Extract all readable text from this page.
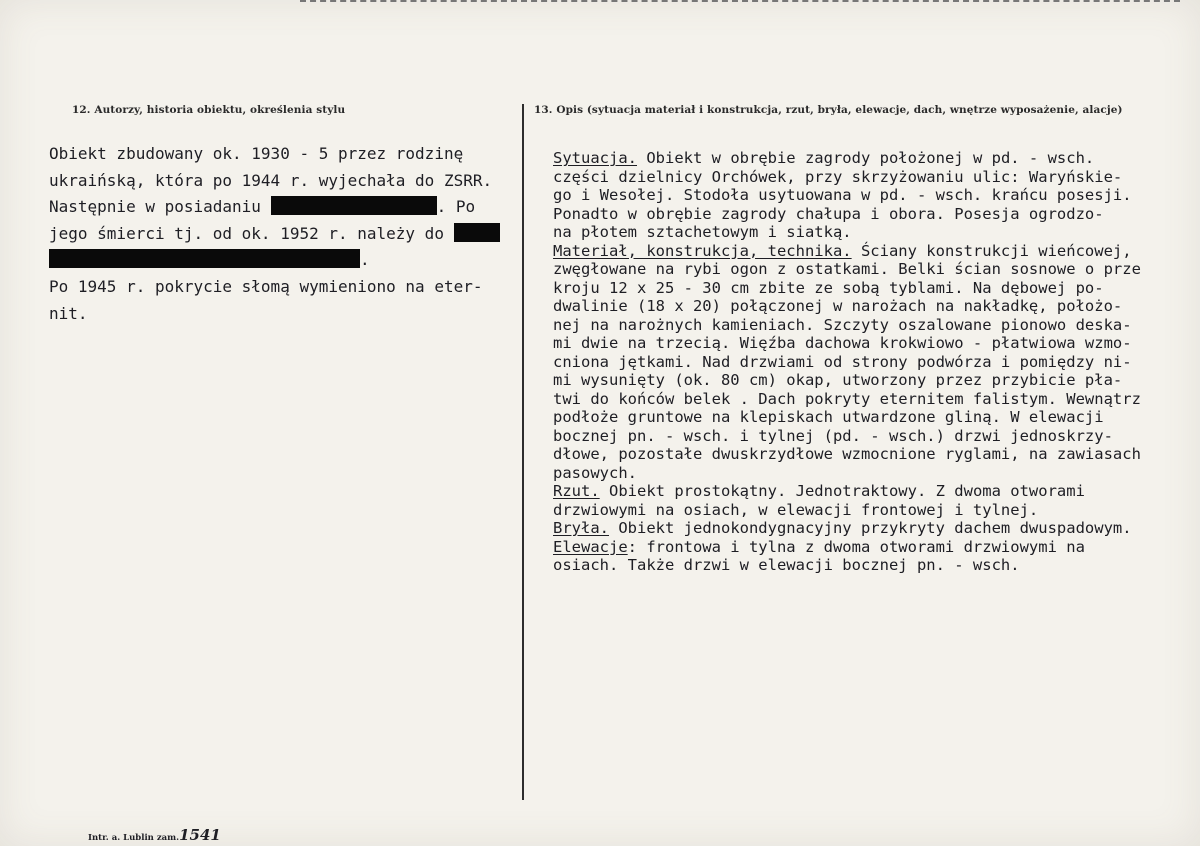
12. Autorzy, historia obiektu, określenia stylu	13. Opis (sytuacja materiał i konstrukcja, rzut, bryła, elewacje, dach, wnętrze wyposażenie, alacje)
Obiekt zbudowany ok. 1930 - 5 przez rodzinę
ukraińską, która po 1944 r. wyjechała do ZSRR.
Następnie w posiadaniu	. Po
jego śmierci tj. od ok. 1952 r. należy do
.
Po 1945 r. pokrycie słomą wymieniono na eter-
nit.
Sytuacja. Obiekt w obrębie zagrody położonej w pd. - wsch.
części dzielnicy Orchówek, przy skrzyżowaniu ulic: Waryńskie-
go i Wesołej. Stodoła usytuowana w pd. - wsch. krańcu posesji.
Ponadto w obrębie zagrody chałupa i obora. Posesja ogrodzo-
na płotem sztachetowym i siatką.
Materiał, konstrukcja, technika. Ściany konstrukcji wieńcowej,
zwęgłowane na rybi ogon z ostatkami. Belki ścian sosnowe o prze
kroju 12 x 25 - 30 cm zbite ze sobą tyblami. Na dębowej po-
dwalinie (18 x 20) połączonej w narożach na nakładkę, położo-
nej na narożnych kamieniach. Szczyty oszalowane pionowo deska-
mi dwie na trzecią. Więźba dachowa krokwiowo - płatwiowa wzmo-
cniona jętkami. Nad drzwiami od strony podwórza i pomiędzy ni-
mi wysunięty (ok. 80 cm) okap, utworzony przez przybicie pła-
twi do końców belek . Dach pokryty eternitem falistym. Wewnątrz
podłoże gruntowe na klepiskach utwardzone gliną. W elewacji
bocznej pn. - wsch. i tylnej (pd. - wsch.) drzwi jednoskrzy-
dłowe, pozostałe dwuskrzydłowe wzmocnione ryglami, na zawiasach
pasowych.
Rzut. Obiekt prostokątny. Jednotraktowy. Z dwoma otworami
drzwiowymi na osiach, w elewacji frontowej i tylnej.
Bryła. Obiekt jednokondygnacyjny przykryty dachem dwuspadowym.
Elewacje: frontowa i tylna z dwoma otworami drzwiowymi na
osiach. Także drzwi w elewacji bocznej pn. - wsch.
Intr. a. Lublin zam.1541
